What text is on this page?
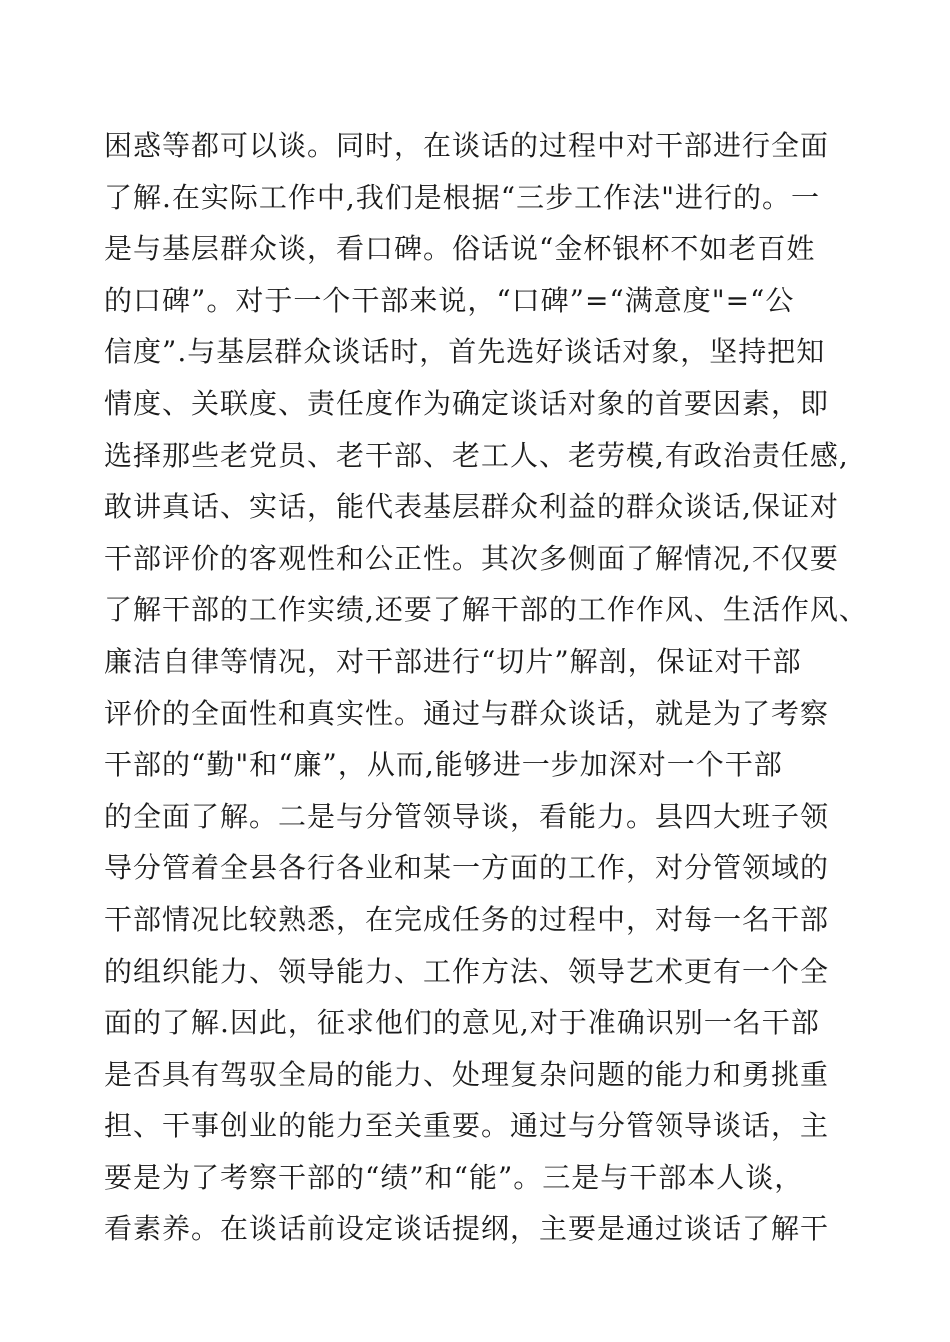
困惑等都可以谈。同时，在谈话的过程中对干部进行全面
了解.在实际工作中,我们是根据“三步工作法"进行的。一
是与基层群众谈，看口碑。俗话说“金杯银杯不如老百姓
的口碑”。对于一个干部来说，“口碑”=“满意度"=“公
信度”.与基层群众谈话时，首先选好谈话对象，坚持把知
情度、关联度、责任度作为确定谈话对象的首要因素，即
选择那些老党员、老干部、老工人、老劳模,有政治责任感,
敢讲真话、实话，能代表基层群众利益的群众谈话,保证对
干部评价的客观性和公正性。其次多侧面了解情况,不仅要
了解干部的工作实绩,还要了解干部的工作作风、生活作风、
廉洁自律等情况，对干部进行“切片”解剖，保证对干部
评价的全面性和真实性。通过与群众谈话，就是为了考察
干部的“勤"和“廉”，从而,能够进一步加深对一个干部
的全面了解。二是与分管领导谈，看能力。县四大班子领
导分管着全县各行各业和某一方面的工作，对分管领域的
干部情况比较熟悉，在完成任务的过程中，对每一名干部
的组织能力、领导能力、工作方法、领导艺术更有一个全
面的了解.因此，征求他们的意见,对于准确识别一名干部
是否具有驾驭全局的能力、处理复杂问题的能力和勇挑重
担、干事创业的能力至关重要。通过与分管领导谈话，主
要是为了考察干部的“绩”和“能”。三是与干部本人谈，
看素养。在谈话前设定谈话提纲，主要是通过谈话了解干
